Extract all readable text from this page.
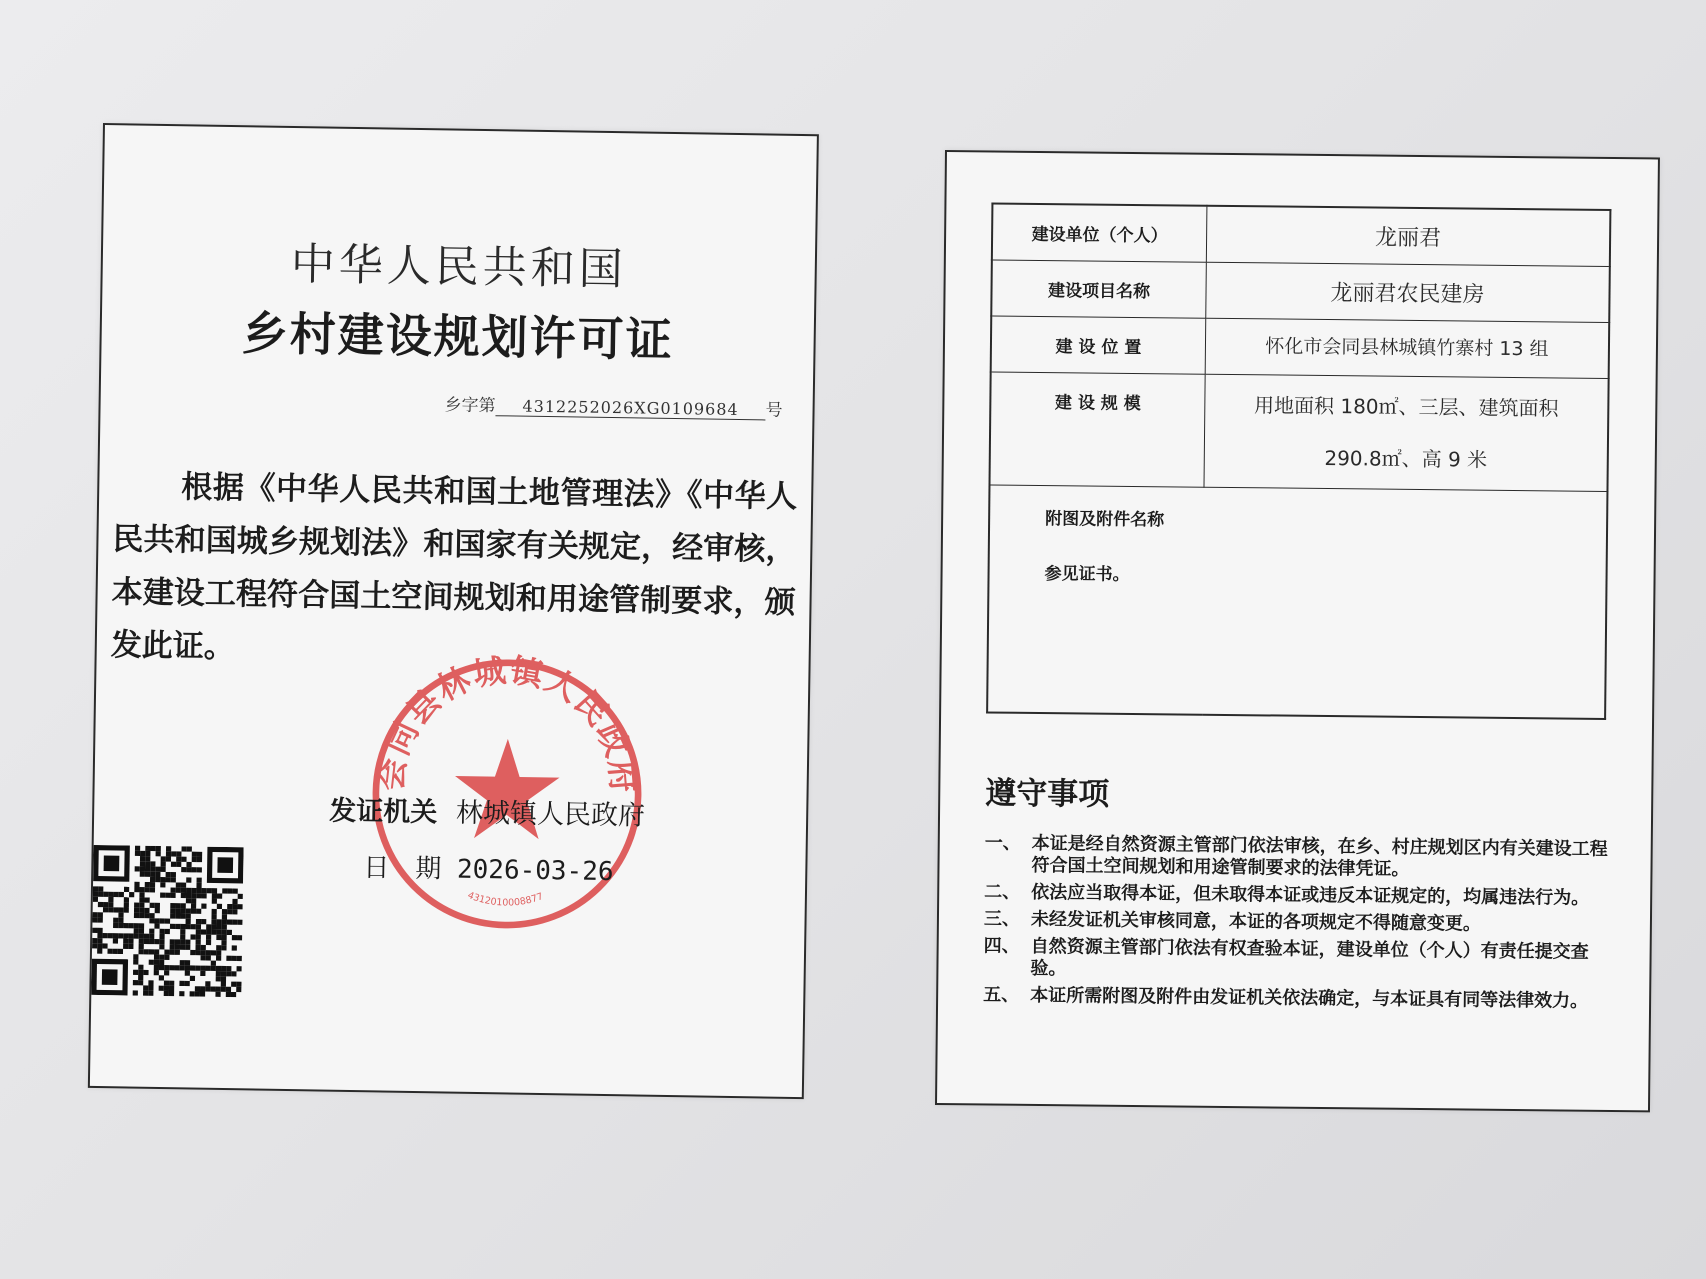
中华人民共和国
乡村建设规划许可证
乡字第 4312252026XG0109684 号
根据《中华人民共和国土地管理法》《中华人民共和国城乡规划法》和国家有关规定，经审核，本建设工程符合国土空间规划和用途管制要求，颁发此证。
会同县林城镇人民政府
4312010008877
发证机关 林城镇人民政府
日　期 2026-03-26
建设单位（个人）	龙丽君
建设项目名称	龙丽君农民建房
建 设 位 置	怀化市会同县林城镇竹寨村 13 组
建 设 规 模	用地面积 180㎡、三层、建筑面积
290.8㎡、高 9 米

附图及附件名称
参见证书。	
遵守事项
一、 本证是经自然资源主管部门依法审核，在乡、村庄规划区内有关建设工程符合国土空间规划和用途管制要求的法律凭证。
二、 依法应当取得本证，但未取得本证或违反本证规定的，均属违法行为。
三、 未经发证机关审核同意，本证的各项规定不得随意变更。
四、 自然资源主管部门依法有权查验本证，建设单位（个人）有责任提交查验。
五、 本证所需附图及附件由发证机关依法确定，与本证具有同等法律效力。
